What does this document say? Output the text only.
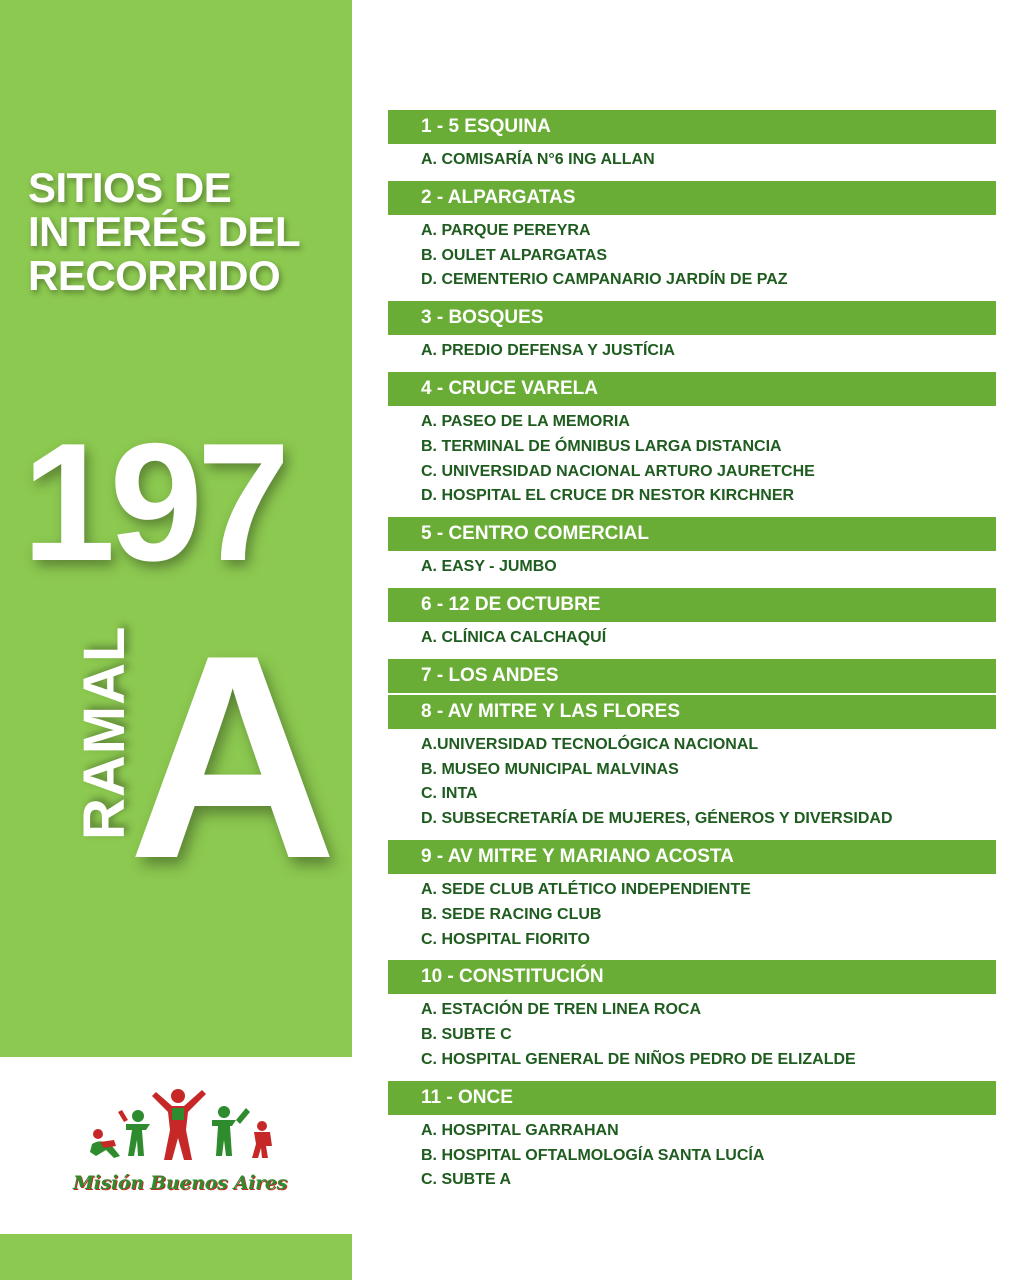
SITIOS DE
INTERÉS DEL
RECORRIDO
197
RAMAL
A
Misión Buenos Aires
1 - 5 ESQUINA
A. COMISARÍA N°6 ING ALLAN
2 - ALPARGATAS
A. PARQUE PEREYRA
B. OULET ALPARGATAS
D. CEMENTERIO CAMPANARIO JARDÍN DE PAZ
3 - BOSQUES
A. PREDIO DEFENSA Y JUSTÍCIA
4 - CRUCE VARELA
A. PASEO DE LA MEMORIA
B. TERMINAL DE ÓMNIBUS LARGA DISTANCIA
C. UNIVERSIDAD NACIONAL ARTURO JAURETCHE
D. HOSPITAL EL CRUCE DR NESTOR KIRCHNER
5 - CENTRO COMERCIAL
A. EASY - JUMBO
6 - 12 DE OCTUBRE
A. CLÍNICA CALCHAQUÍ
7 - LOS ANDES
8 - AV MITRE Y LAS FLORES
A.UNIVERSIDAD TECNOLÓGICA NACIONAL
B. MUSEO MUNICIPAL MALVINAS
C. INTA
D. SUBSECRETARÍA DE MUJERES, GÉNEROS Y DIVERSIDAD
9 - AV MITRE Y MARIANO ACOSTA
A. SEDE CLUB ATLÉTICO INDEPENDIENTE
B. SEDE RACING CLUB
C. HOSPITAL FIORITO
10 - CONSTITUCIÓN
A. ESTACIÓN DE TREN LINEA ROCA
B. SUBTE C
C. HOSPITAL GENERAL DE NIÑOS PEDRO DE ELIZALDE
11 - ONCE
A. HOSPITAL GARRAHAN
B. HOSPITAL OFTALMOLOGÍA SANTA LUCÍA
C. SUBTE A
